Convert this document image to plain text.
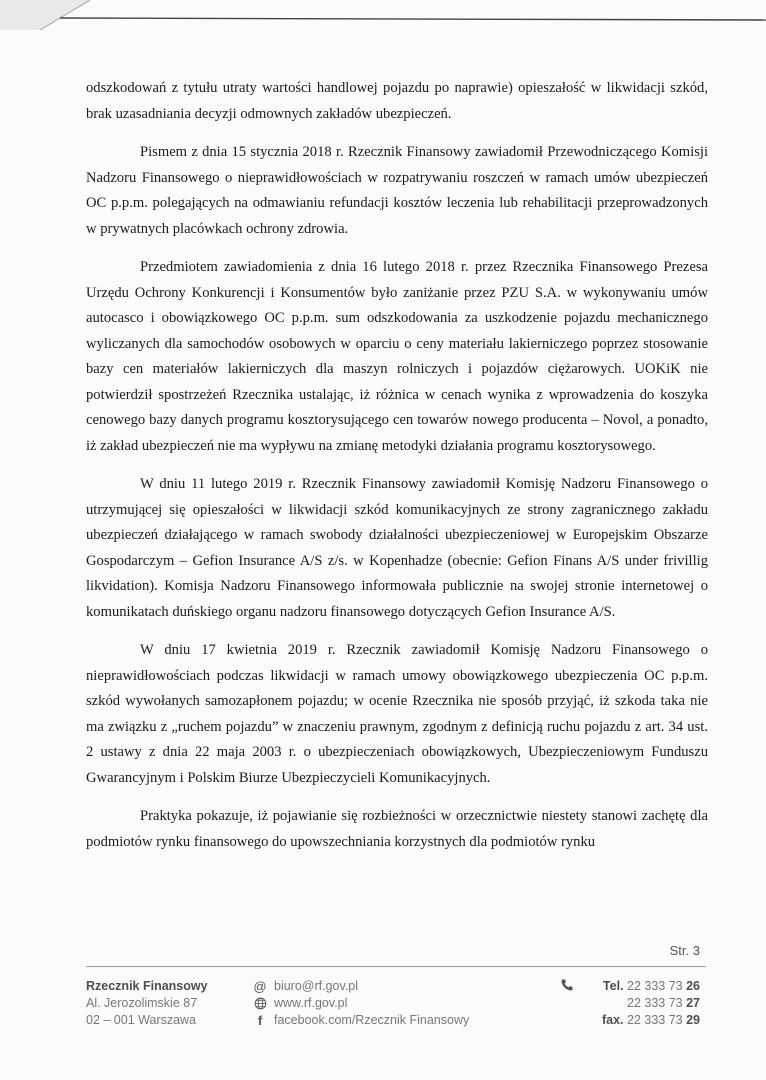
odszkodowań z tytułu utraty wartości handlowej pojazdu po naprawie) opieszałość w likwidacji szkód, brak uzasadniania decyzji odmownych zakładów ubezpieczeń.

Pismem z dnia 15 stycznia 2018 r. Rzecznik Finansowy zawiadomił Przewodniczącego Komisji Nadzoru Finansowego o nieprawidłowościach w rozpatrywaniu roszczeń w ramach umów ubezpieczeń OC p.p.m. polegających na odmawianiu refundacji kosztów leczenia lub rehabilitacji przeprowadzonych w prywatnych placówkach ochrony zdrowia.

Przedmiotem zawiadomienia z dnia 16 lutego 2018 r. przez Rzecznika Finansowego Prezesa Urzędu Ochrony Konkurencji i Konsumentów było zaniżanie przez PZU S.A. w wykonywaniu umów autocasco i obowiązkowego OC p.p.m. sum odszkodowania za uszkodzenie pojazdu mechanicznego wyliczanych dla samochodów osobowych w oparciu o ceny materiału lakierniczego poprzez stosowanie bazy cen materiałów lakierniczych dla maszyn rolniczych i pojazdów ciężarowych. UOKiK nie potwierdził spostrzeżeń Rzecznika ustalając, iż różnica w cenach wynika z wprowadzenia do koszyka cenowego bazy danych programu kosztorysującego cen towarów nowego producenta – Novol, a ponadto, iż zakład ubezpieczeń nie ma wypływu na zmianę metodyki działania programu kosztorysowego.

W dniu 11 lutego 2019 r. Rzecznik Finansowy zawiadomił Komisję Nadzoru Finansowego o utrzymującej się opieszałości w likwidacji szkód komunikacyjnych ze strony zagranicznego zakładu ubezpieczeń działającego w ramach swobody działalności ubezpieczeniowej w Europejskim Obszarze Gospodarczym – Gefion Insurance A/S z/s. w Kopenhadze (obecnie: Gefion Finans A/S under frivillig likvidation). Komisja Nadzoru Finansowego informowała publicznie na swojej stronie internetowej o komunikatach duńskiego organu nadzoru finansowego dotyczących Gefion Insurance A/S.

W dniu 17 kwietnia 2019 r. Rzecznik zawiadomił Komisję Nadzoru Finansowego o nieprawidłowościach podczas likwidacji w ramach umowy obowiązkowego ubezpieczenia OC p.p.m. szkód wywołanych samozapłonem pojazdu; w ocenie Rzecznika nie sposób przyjąć, iż szkoda taka nie ma związku z „ruchem pojazdu” w znaczeniu prawnym, zgodnym z definicją ruchu pojazdu z art. 34 ust. 2 ustawy z dnia 22 maja 2003 r. o ubezpieczeniach obowiązkowych, Ubezpieczeniowym Funduszu Gwarancyjnym i Polskim Biurze Ubezpieczycieli Komunikacyjnych.

Praktyka pokazuje, iż pojawianie się rozbieżności w orzecznictwie niestety stanowi zachętę dla podmiotów rynku finansowego do upowszechniania korzystnych dla podmiotów rynku

Str. 3
Rzecznik Finansowy
Al. Jerozolimskie 87
02 – 001 Warszawa
@ biuro@rf.gov.pl
www.rf.gov.pl
f facebook.com/Rzecznik Finansowy
Tel. 22 333 73 26
22 333 73 27
fax. 22 333 73 29
